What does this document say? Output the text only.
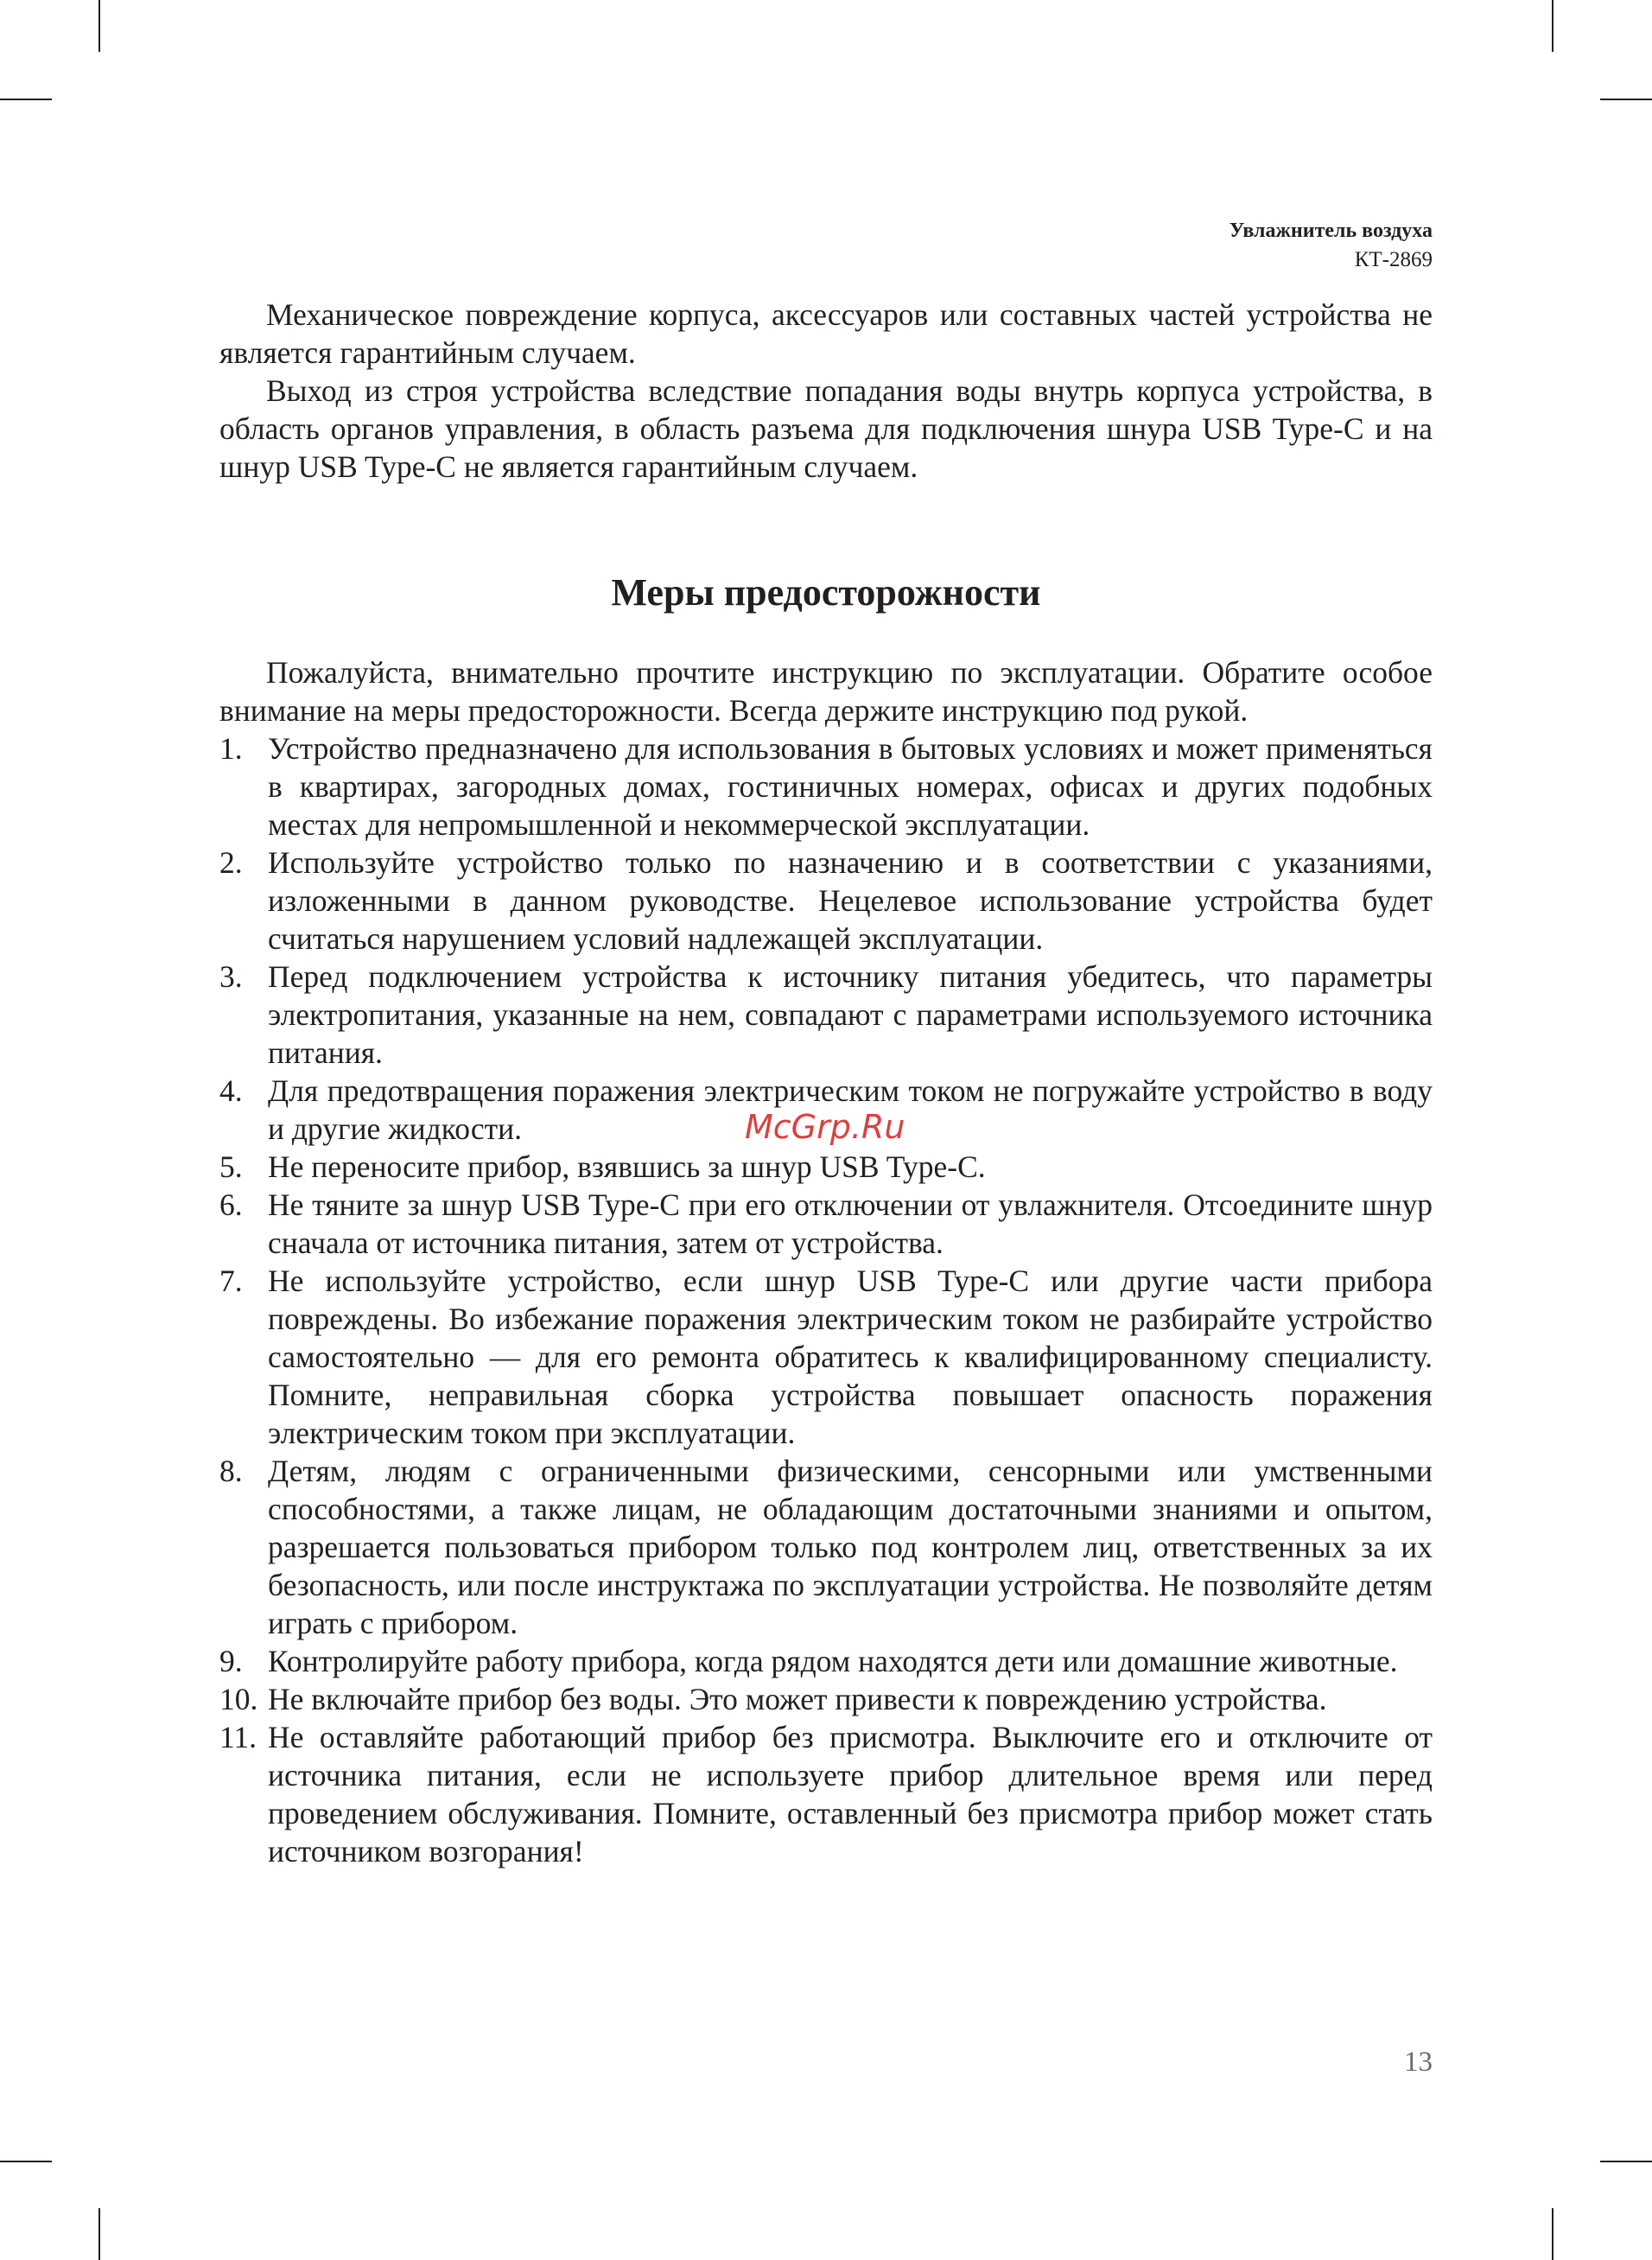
Увлажнитель воздуха
КТ-2869

Механическое повреждение корпуса, аксессуаров или составных частей устройства не является гарантийным случаем.

Выход из строя устройства вследствие попадания воды внутрь корпуса устройства, в область органов управления, в область разъема для подключения шнура USB Type-C и на шнур USB Type-C не является гарантийным случаем.

Меры предосторожности

Пожалуйста, внимательно прочтите инструкцию по эксплуатации. Обратите особое внимание на меры предосторожности. Всегда держите инструкцию под рукой.

1. Устройство предназначено для использования в бытовых условиях и может применяться в квартирах, загородных домах, гостиничных номерах, офисах и других подобных местах для непромышленной и некоммерческой эксплуатации.
2. Используйте устройство только по назначению и в соответствии с указаниями, изложенными в данном руководстве. Нецелевое использование устройства будет считаться нарушением условий надлежащей эксплуатации.
3. Перед подключением устройства к источнику питания убедитесь, что параметры электропитания, указанные на нем, совпадают с параметрами используемого источника питания.
4. Для предотвращения поражения электрическим током не погружайте устройство в воду и другие жидкости.
5. Не переносите прибор, взявшись за шнур USB Type-C.
6. Не тяните за шнур USB Type-C при его отключении от увлажнителя. Отсоедините шнур сначала от источника питания, затем от устройства.
7. Не используйте устройство, если шнур USB Type-C или другие части прибора повреждены. Во избежание поражения электрическим током не разбирайте устройство самостоятельно — для его ремонта обратитесь к квалифицированному специалисту. Помните, неправильная сборка устройства повышает опасность поражения электрическим током при эксплуатации.
8. Детям, людям с ограниченными физическими, сенсорными или умственными способностями, а также лицам, не обладающим достаточными знаниями и опытом, разрешается пользоваться прибором только под контролем лиц, ответственных за их безопасность, или после инструктажа по эксплуатации устройства. Не позволяйте детям играть с прибором.
9. Контролируйте работу прибора, когда рядом находятся дети или домашние животные.
10. Не включайте прибор без воды. Это может привести к повреждению устройства.
11. Не оставляйте работающий прибор без присмотра. Выключите его и отключите от источника питания, если не используете прибор длительное время или перед проведением обслуживания. Помните, оставленный без присмотра прибор может стать источником возгорания!
McGrp.Ru
13
